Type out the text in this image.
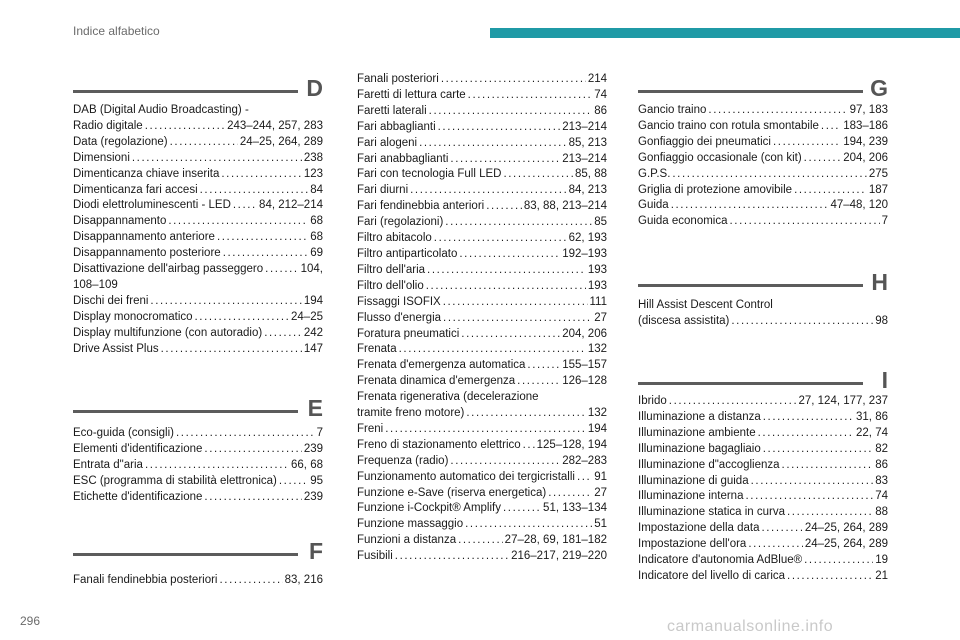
Indice alfabetico
D
DAB (Digital Audio Broadcasting) -
Radio digitale .....	243–244, 257, 283
Data (regolazione) .....	24–25, 264, 289
Dimensioni .....	238
Dimenticanza chiave inserita .....	123
Dimenticanza fari accesi .....	84
Diodi elettroluminescenti - LED ..... 84, 212–214
Disappannamento .....	68
Disappannamento anteriore .....	68
Disappannamento posteriore .....	69
Disattivazione dell'airbag passeggero .....	104,
108–109
Dischi dei freni .....	194
Display monocromatico .....	24–25
Display multifunzione (con autoradio) .....	242
Drive Assist Plus .....	147
E
Eco-guida (consigli) .....	7
Elementi d'identificazione .....	239
Entrata d"aria .....	66, 68
ESC (programma di stabilità elettronica) .....	95
Etichette d'identificazione .....	239
F
Fanali fendinebbia posteriori .....	83, 216
Fanali posteriori .....	214
Faretti di lettura carte .....	74
Faretti laterali .....	86
Fari abbaglianti .....	213–214
Fari alogeni .....	85, 213
Fari anabbaglianti .....	213–214
Fari con tecnologia Full LED .....	85, 88
Fari diurni .....	84, 213
Fari fendinebbia anteriori .....	83, 88, 213–214
Fari (regolazioni) .....	85
Filtro abitacolo .....	62, 193
Filtro antiparticolato .....	192–193
Filtro dell'aria .....	193
Filtro dell'olio .....	193
Fissaggi ISOFIX .....	111
Flusso d'energia .....	27
Foratura pneumatici .....	204, 206
Frenata .....	132
Frenata d'emergenza automatica .....	155–157
Frenata dinamica d'emergenza .....	126–128
Frenata rigenerativa (decelerazione
tramite freno motore) .....	132
Freni .....	194
Freno di stazionamento elettrico ..... 125–128, 194
Frequenza (radio) .....	282–283
Funzionamento automatico dei tergicristalli ..... 91
Funzione e-Save (riserva energetica) .....	27
Funzione i-Cockpit® Amplify .....	51, 133–134
Funzione massaggio .....	51
Funzioni a distanza .....	27–28, 69, 181–182
Fusibili .....	216–217, 219–220
G
Gancio traino .....	97, 183
Gancio traino con rotula smontabile ..... 183–186
Gonfiaggio dei pneumatici .....	194, 239
Gonfiaggio occasionale (con kit) .....	204, 206
G.P.S. .....	275
Griglia di protezione amovibile .....	187
Guida .....	47–48, 120
Guida economica .....	7
H
Hill Assist Descent Control
(discesa assistita) .....	98
I
Ibrido .....	27, 124, 177, 237
Illuminazione a distanza .....	31, 86
Illuminazione ambiente .....	22, 74
Illuminazione bagagliaio .....	82
Illuminazione d"accoglienza .....	86
Illuminazione di guida .....	83
Illuminazione interna .....	74
Illuminazione statica in curva .....	88
Impostazione della data .....	24–25, 264, 289
Impostazione dell'ora .....	24–25, 264, 289
Indicatore d'autonomia AdBlue® .....	19
Indicatore del livello di carica .....	21
296	carmanualsonline.info
